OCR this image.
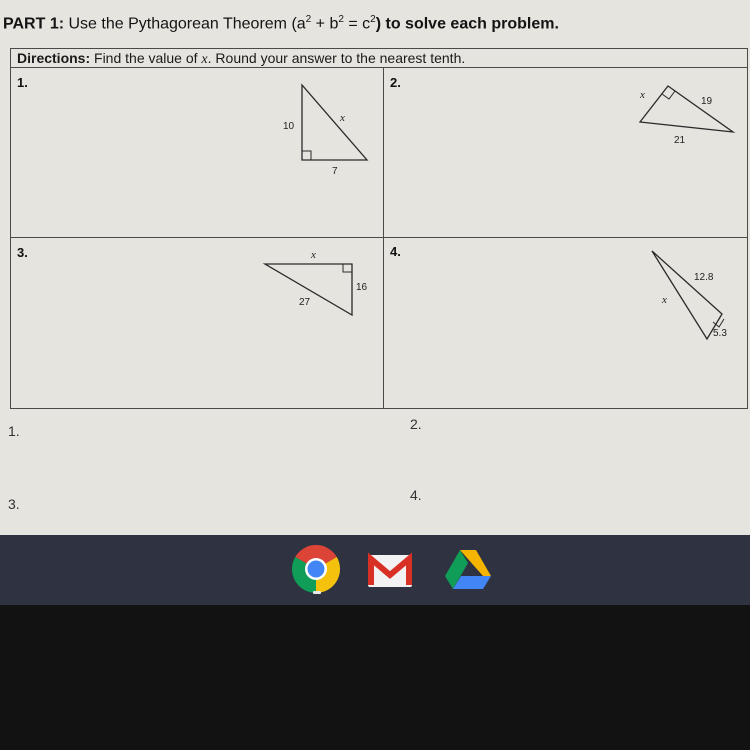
PART 1: Use the Pythagorean Theorem $(a^2 + b^2 = c^2)$ to solve each problem.
Directions: Find the value of x. Round your answer to the nearest tenth.
1.	2.
3.	4.
10
7
x
x
19
21
x
16
27
12.8
x
5.3
1.	2.
3.
4.
